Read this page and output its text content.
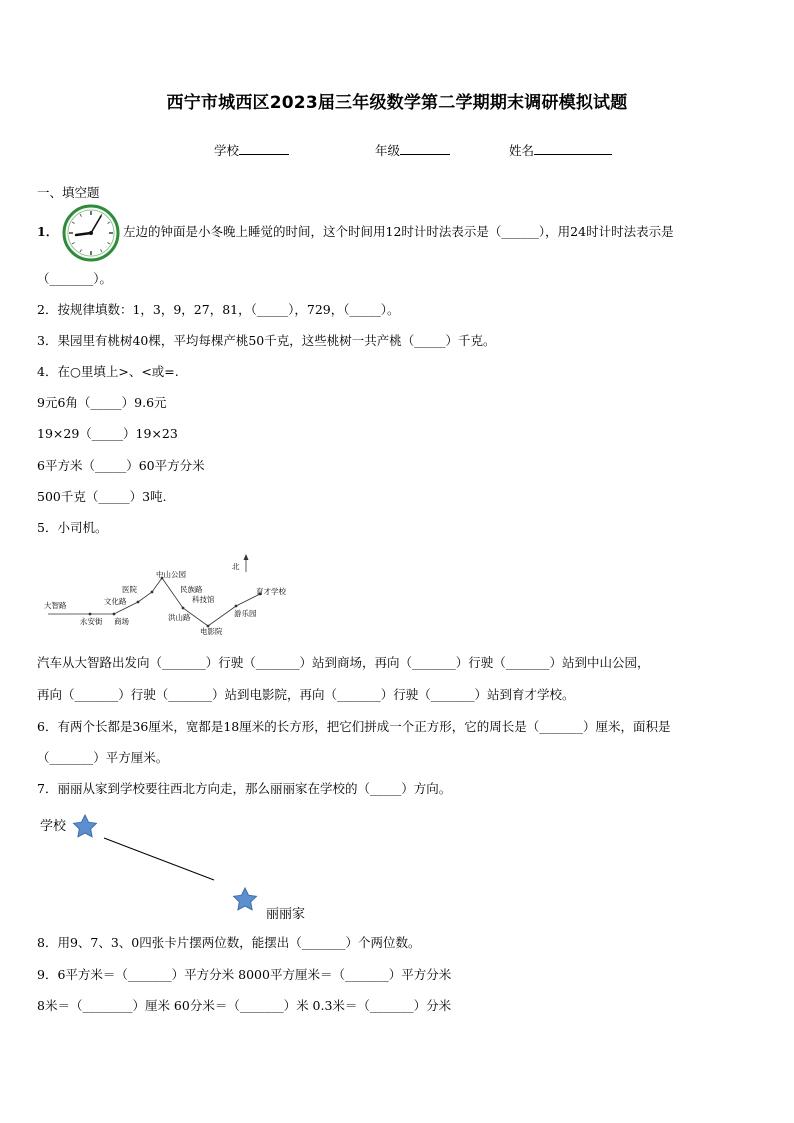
西宁市城西区2023届三年级数学第二学期期末调研模拟试题
学校	年级	姓名
一、填空题
1．	左边的钟面是小冬晚上睡觉的时间，这个时间用12时计时法表示是（______），用24时计时法表示是
（_______）。
2．按规律填数：1，3，9，27，81，（_____），729，（_____）。
3．果园里有桃树40棵，平均每棵产桃50千克，这些桃树一共产桃（_____）千克。
4．在○里填上>、<或=.
9元6角（_____）9.6元
19×29（_____）19×23
6平方米（_____）60平方分米
500千克（_____）3吨.
5．小司机。
北
大智路
永安街 商场
文化路
医院
中山公园
民族路
科技馆
洪山路
电影院
游乐园
育才学校
汽车从大智路出发向（_______）行驶（_______）站到商场，再向（_______）行驶（_______）站到中山公园，
再向（_______）行驶（_______）站到电影院，再向（_______）行驶（_______）站到育才学校。
6．有两个长都是36厘米，宽都是18厘米的长方形，把它们拼成一个正方形，它的周长是（_______）厘米，面积是
（_______）平方厘米。
7．丽丽从家到学校要往西北方向走，那么丽丽家在学校的（_____）方向。
学校
丽丽家
8．用9、7、3、0四张卡片摆两位数，能摆出（_______）个两位数。
9．6平方米＝（_______）平方分米 8000平方厘米＝（_______）平方分米
8米＝（________）厘米 60分米＝（_______）米 0.3米＝（_______）分米
